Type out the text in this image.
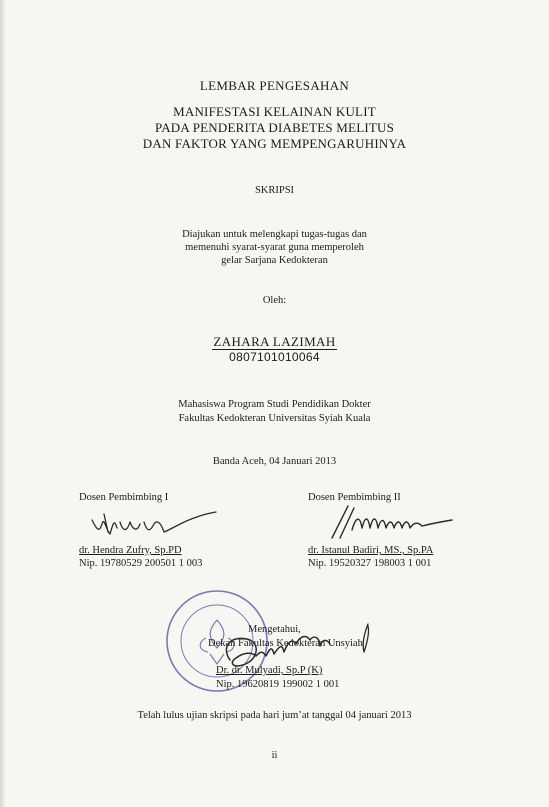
LEMBAR PENGESAHAN
MANIFESTASI KELAINAN KULIT
PADA PENDERITA DIABETES MELITUS
DAN FAKTOR YANG MEMPENGARUHINYA
SKRIPSI
Diajukan untuk melengkapi tugas-tugas dan
memenuhi syarat-syarat guna memperoleh
gelar Sarjana Kedokteran
Oleh:
ZAHARA LAZIMAH
0807101010064
Mahasiswa Program Studi Pendidikan Dokter
Fakultas Kedokteran Universitas Syiah Kuala
Banda Aceh, 04 Januari 2013
Dosen Pembimbing I
dr. Hendra Zufry, Sp.PD
Nip. 19780529 200501 1 003
Dosen Pembimbing II
dr. Istanul Badiri, MS., Sp.PA
Nip. 19520327 198003 1 001
Mengetahui,
Dekan Fakultas Kedokteran Unsyiah
Dr. dr. Mulyadi, Sp.P (K)
Nip. 19620819 199002 1 001
Telah lulus ujian skripsi pada hari jum’at tanggal 04 januari 2013
ii
